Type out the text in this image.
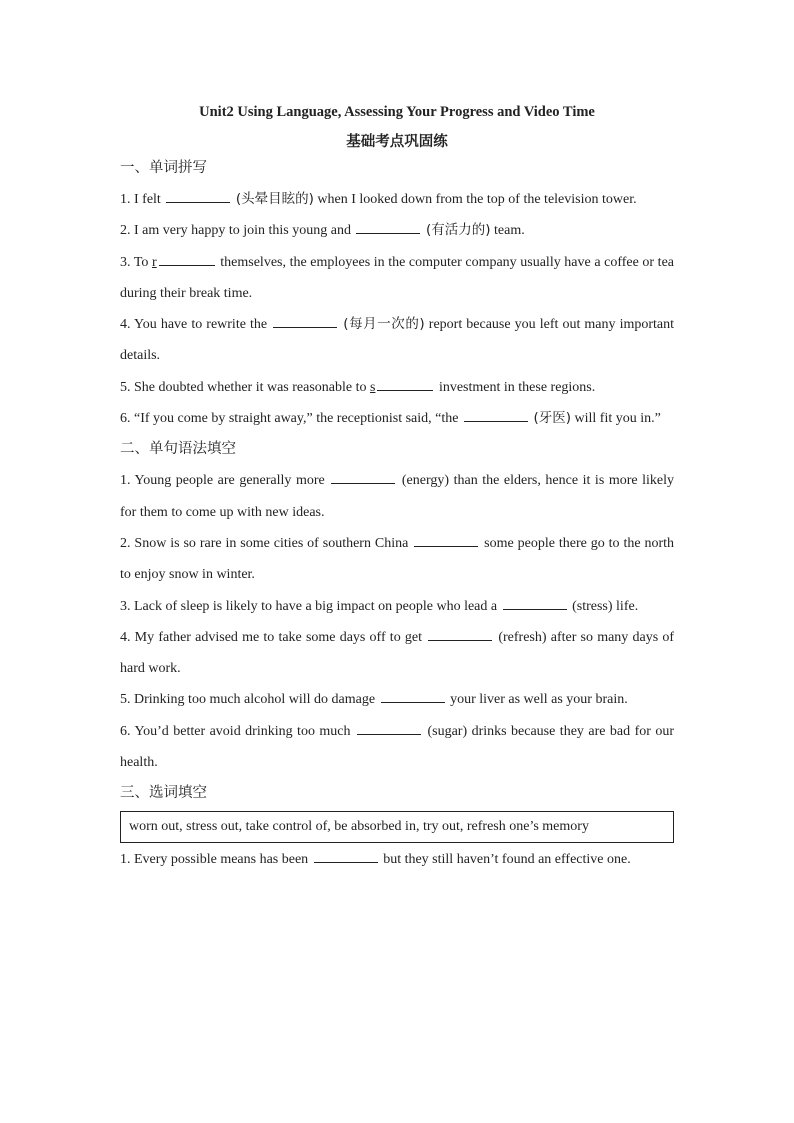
Unit2 Using Language, Assessing Your Progress and Video Time

基础考点巩固练

一、单词拼写

1. I felt	(头晕目眩的) when I looked down from the top of the television tower.

2. I am very happy to join this young and	(有活力的) team.

3. To r	themselves, the employees in the computer company usually have a coffee or tea during their break time.

4. You have to rewrite the	(每月一次的) report because you left out many important details.

5. She doubted whether it was reasonable to s	investment in these regions.

6. “If you come by straight away,” the receptionist said, “the	(牙医) will fit you in.”

二、单句语法填空

1. Young people are generally more	(energy) than the elders, hence it is more likely for them to come up with new ideas.

2. Snow is so rare in some cities of southern China	some people there go to the north to enjoy snow in winter.

3. Lack of sleep is likely to have a big impact on people who lead a	(stress) life.

4. My father advised me to take some days off to get	(refresh) after so many days of hard work.

5. Drinking too much alcohol will do damage	your liver as well as your brain.

6. You’d better avoid drinking too much	(sugar) drinks because they are bad for our health.

三、选词填空

worn out, stress out, take control of, be absorbed in, try out, refresh one’s memory

1. Every possible means has been	but they still haven’t found an effective one.
